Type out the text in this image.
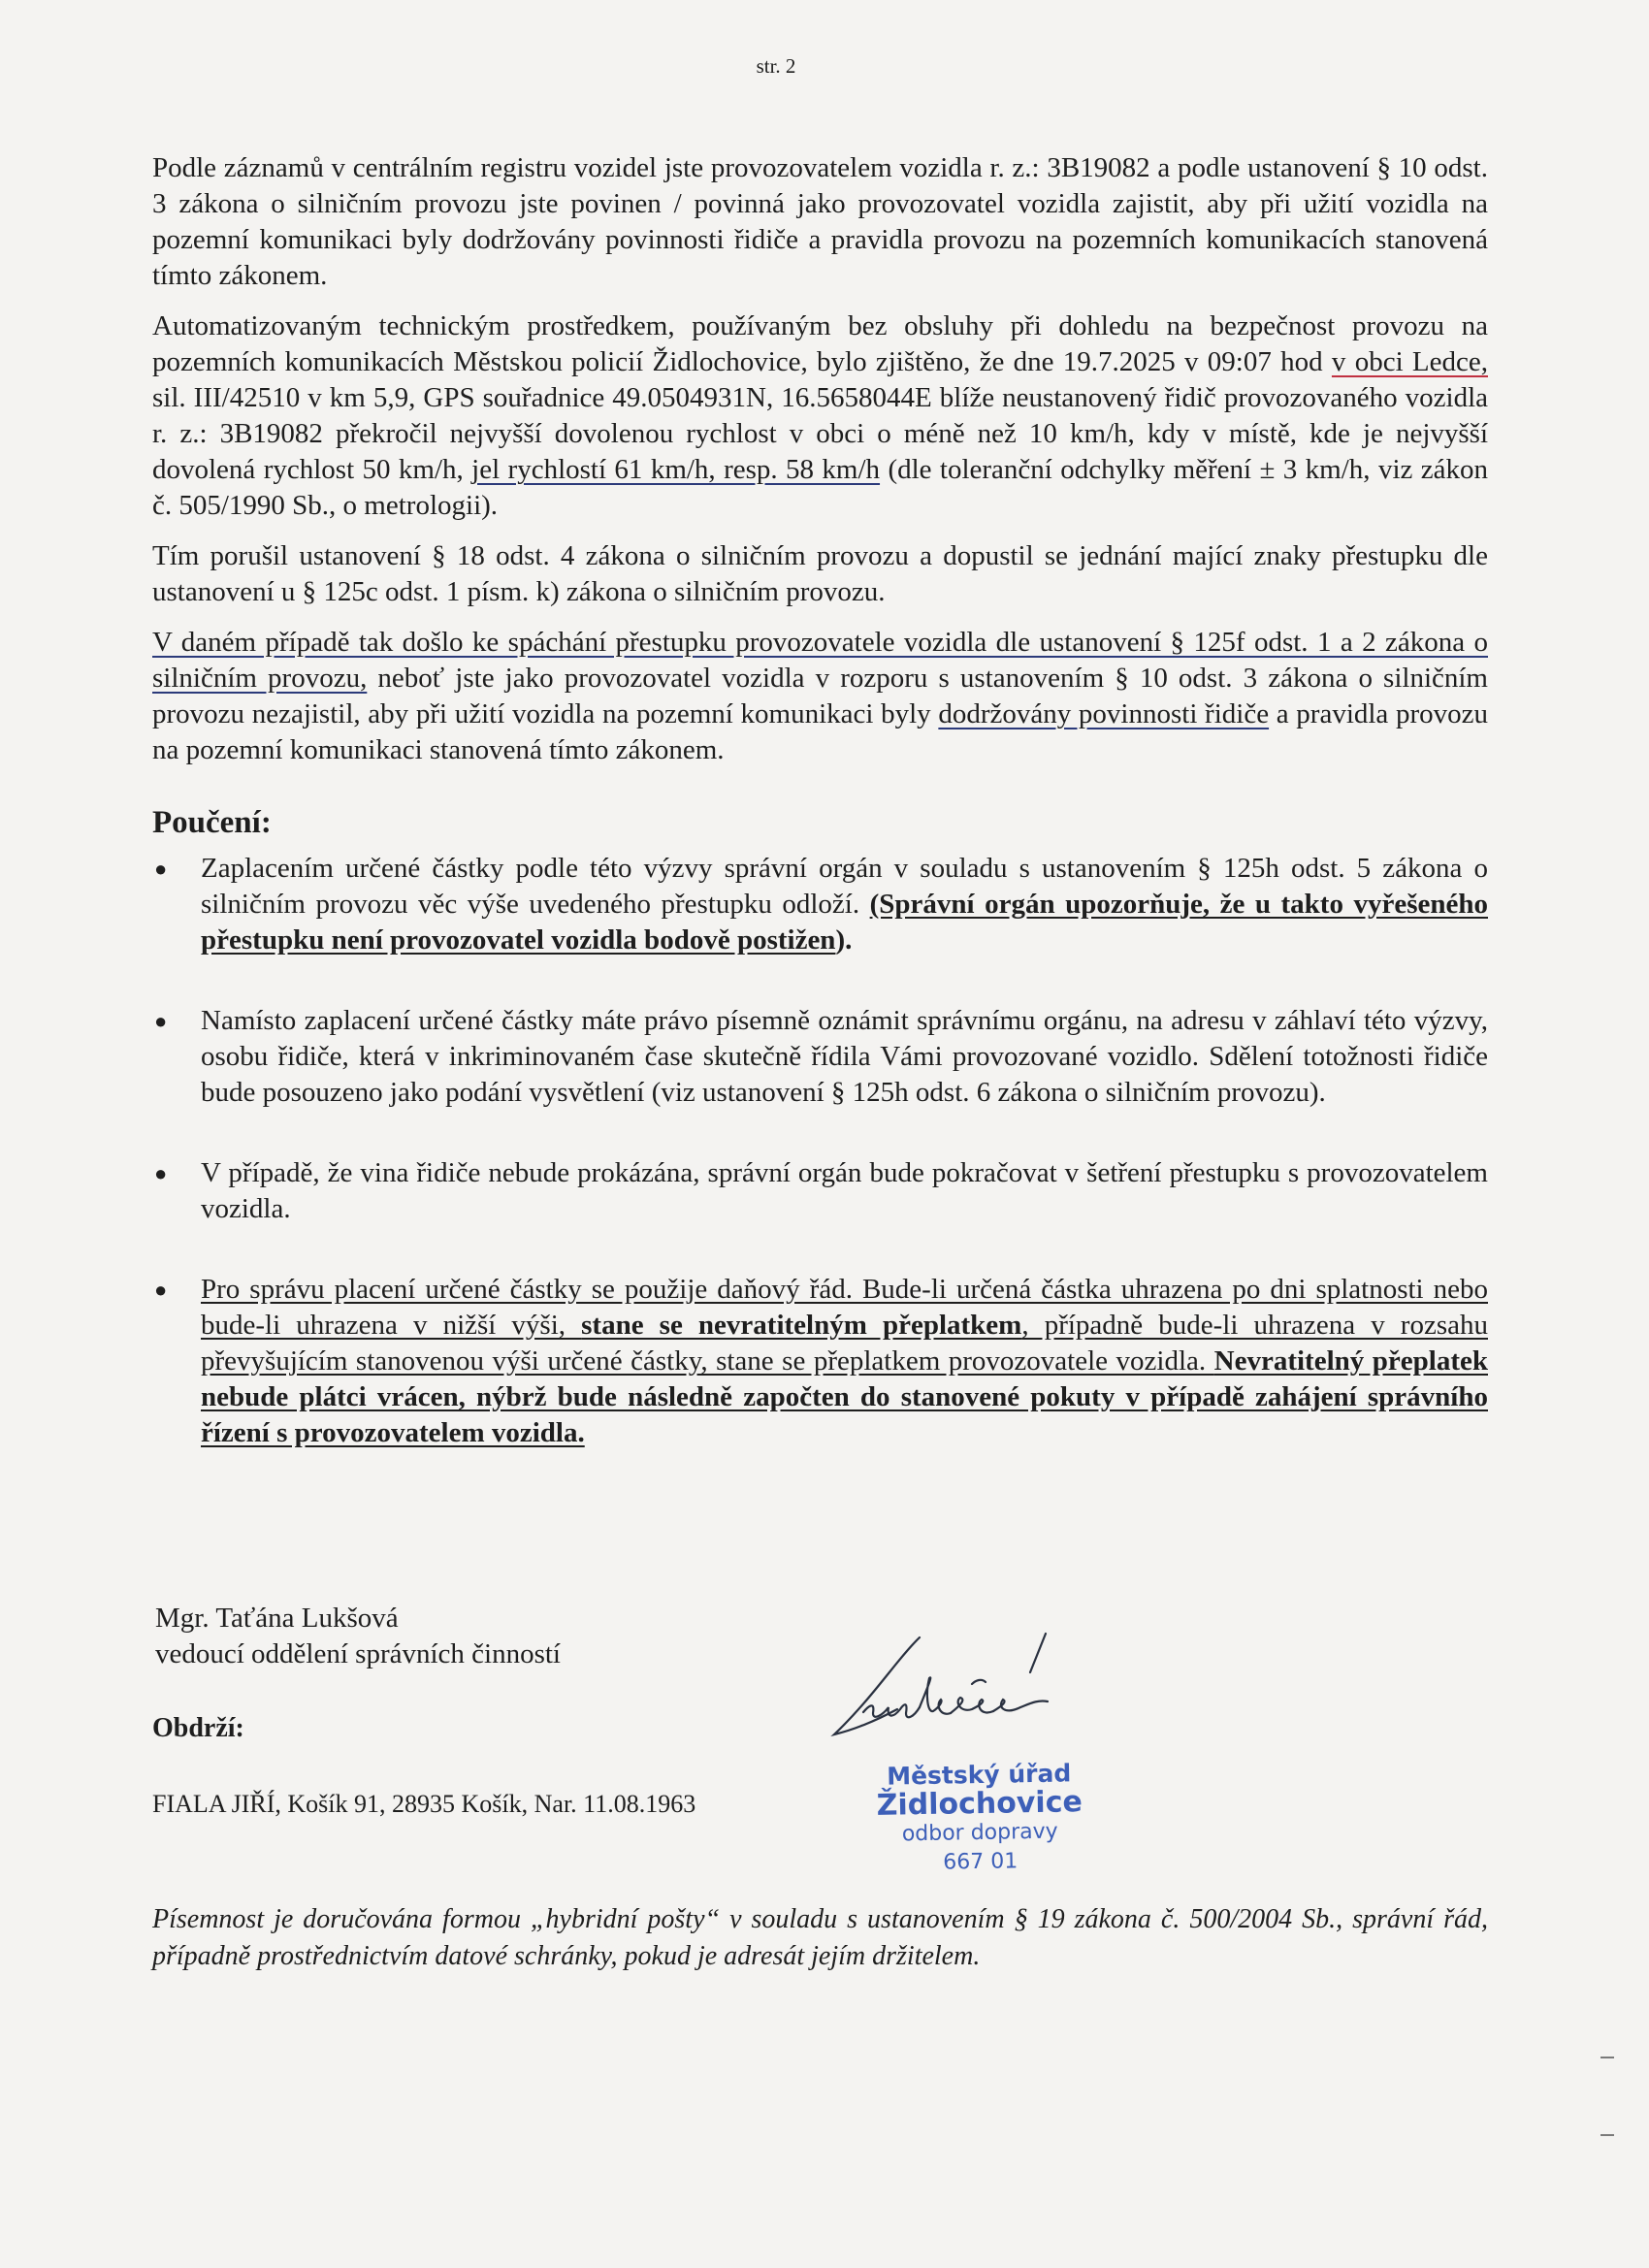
str. 2

Podle záznamů v centrálním registru vozidel jste provozovatelem vozidla r. z.: 3B19082 a podle ustanovení § 10 odst. 3 zákona o silničním provozu jste povinen / povinná jako provozovatel vozidla zajistit, aby při užití vozidla na pozemní komunikaci byly dodržovány povinnosti řidiče a pravidla provozu na pozemních komunikacích stanovená tímto zákonem.

Automatizovaným technickým prostředkem, používaným bez obsluhy při dohledu na bezpečnost provozu na pozemních komunikacích Městskou policií Židlochovice, bylo zjištěno, že dne 19.7.2025 v 09:07 hod v obci Ledce, sil. III/42510 v km 5,9, GPS souřadnice 49.0504931N, 16.5658044E blíže neustanovený řidič provozovaného vozidla r. z.: 3B19082 překročil nejvyšší dovolenou rychlost v obci o méně než 10 km/h, kdy v místě, kde je nejvyšší dovolená rychlost 50 km/h, jel rychlostí 61 km/h, resp. 58 km/h (dle toleranční odchylky měření ± 3 km/h, viz zákon č. 505/1990 Sb., o metrologii).

Tím porušil ustanovení § 18 odst. 4 zákona o silničním provozu a dopustil se jednání mající znaky přestupku dle ustanovení u § 125c odst. 1 písm. k) zákona o silničním provozu.

V daném případě tak došlo ke spáchání přestupku provozovatele vozidla dle ustanovení § 125f odst. 1 a 2 zákona o silničním provozu, neboť jste jako provozovatel vozidla v rozporu s ustanovením § 10 odst. 3 zákona o silničním provozu nezajistil, aby při užití vozidla na pozemní komunikaci byly dodržovány povinnosti řidiče a pravidla provozu na pozemní komunikaci stanovená tímto zákonem.

Poučení:
● Zaplacením určené částky podle této výzvy správní orgán v souladu s ustanovením § 125h odst. 5 zákona o silničním provozu věc výše uvedeného přestupku odloží. (Správní orgán upozorňuje, že u takto vyřešeného přestupku není provozovatel vozidla bodově postižen).
● Namísto zaplacení určené částky máte právo písemně oznámit správnímu orgánu, na adresu v záhlaví této výzvy, osobu řidiče, která v inkriminovaném čase skutečně řídila Vámi provozované vozidlo. Sdělení totožnosti řidiče bude posouzeno jako podání vysvětlení (viz ustanovení § 125h odst. 6 zákona o silničním provozu).
● V případě, že vina řidiče nebude prokázána, správní orgán bude pokračovat v šetření přestupku s provozovatelem vozidla.
● Pro správu placení určené částky se použije daňový řád. Bude-li určená částka uhrazena po dni splatnosti nebo bude-li uhrazena v nižší výši, stane se nevratitelným přeplatkem, případně bude-li uhrazena v rozsahu převyšujícím stanovenou výši určené částky, stane se přeplatkem provozovatele vozidla. Nevratitelný přeplatek nebude plátci vrácen, nýbrž bude následně započten do stanovené pokuty v případě zahájení správního řízení s provozovatelem vozidla.
Mgr. Taťána Lukšová
vedoucí oddělení správních činností
Lukšová
Obdrží:
FIALA JIŘÍ, Košík 91, 28935 Košík, Nar. 11.08.1963
Městský úřad
Židlochovice
odbor dopravy
667 01
Písemnost je doručována formou „hybridní pošty“ v souladu s ustanovením § 19 zákona č. 500/2004 Sb., správní řád, případně prostřednictvím datové schránky, pokud je adresát jejím držitelem.
